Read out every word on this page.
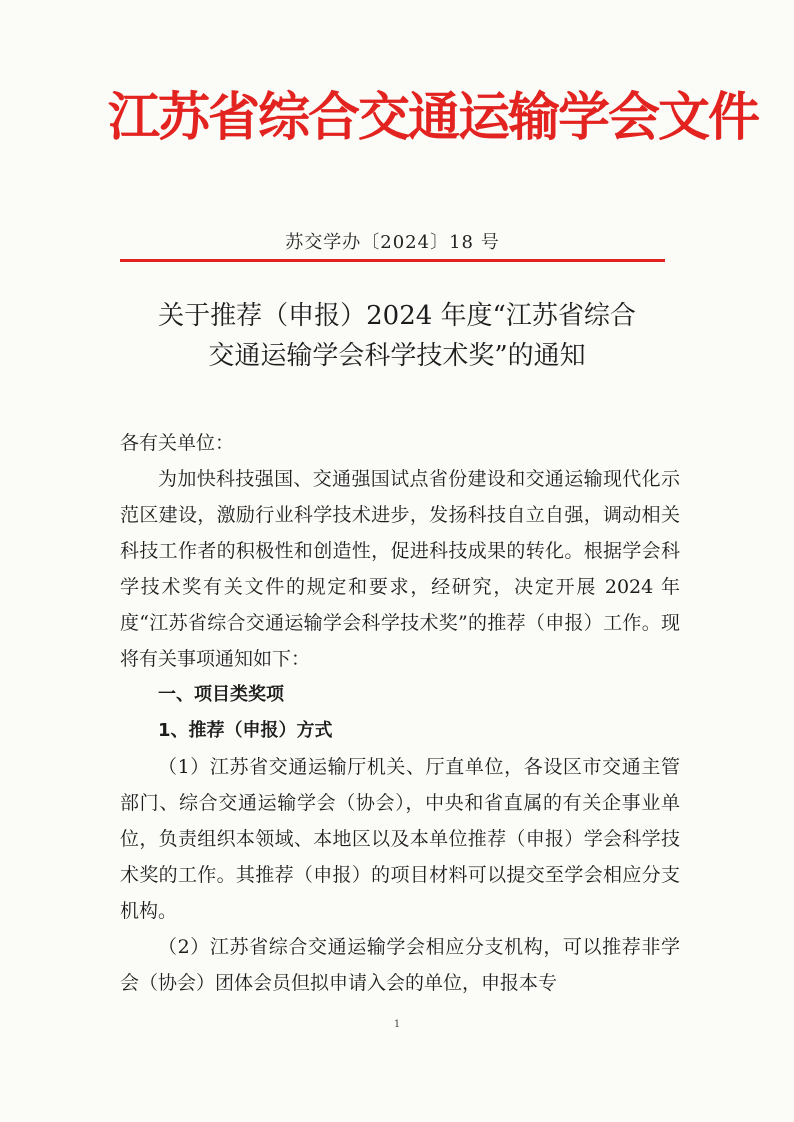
江苏省综合交通运输学会文件
苏交学办〔2024〕18 号
关于推荐（申报）2024 年度“江苏省综合
交通运输学会科学技术奖”的通知

各有关单位：

为加快科技强国、交通强国试点省份建设和交通运输现代化示范区建设，激励行业科学技术进步，发扬科技自立自强，调动相关科技工作者的积极性和创造性，促进科技成果的转化。根据学会科学技术奖有关文件的规定和要求，经研究，决定开展 2024 年度“江苏省综合交通运输学会科学技术奖”的推荐（申报）工作。现将有关事项通知如下：

一、项目类奖项

1、推荐（申报）方式

（1）江苏省交通运输厅机关、厅直单位，各设区市交通主管部门、综合交通运输学会（协会），中央和省直属的有关企事业单位，负责组织本领域、本地区以及本单位推荐（申报）学会科学技术奖的工作。其推荐（申报）的项目材料可以提交至学会相应分支机构。

（2）江苏省综合交通运输学会相应分支机构，可以推荐非学会（协会）团体会员但拟申请入会的单位，申报本专

1
